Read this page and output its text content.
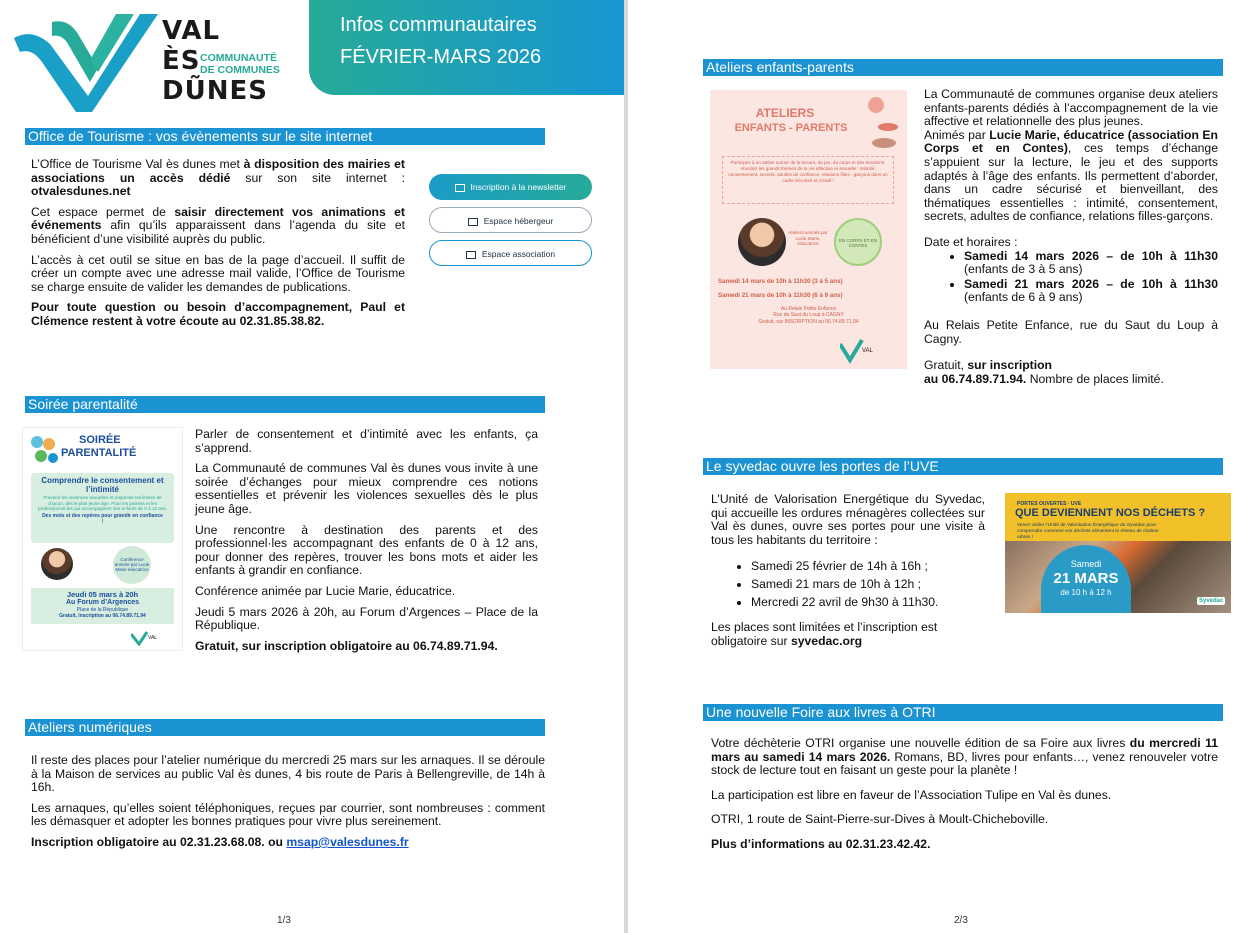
VAL
ÈS
DŨNES
COMMUNAUTÉ
DE COMMUNES
Infos communautaires
FÉVRIER-MARS 2026
Office de Tourisme : vos évènements sur le site internet

L’Office de Tourisme Val ès dunes met à disposition des mairies et associations un accès dédié sur son site internet : otvalesdunes.net

Cet espace permet de saisir directement vos animations et événements afin qu’ils apparaissent dans l’agenda du site et bénéficient d’une visibilité auprès du public.

L’accès à cet outil se situe en bas de la page d’accueil. Il suffit de créer un compte avec une adresse mail valide, l’Office de Tourisme se charge ensuite de valider les demandes de publications.

Pour toute question ou besoin d’accompagnement, Paul et Clémence restent à votre écoute au 02.31.85.38.82.

Inscription à la newsletter
Espace hébergeur
Espace association
Soirée parentalité
SOIRÉE
PARENTALITÉ
Comprendre le consentement et l’intimité
Prévenir les violences sexuelles et respecter les limites de chacun, dès le plus jeune âge. Pour les parents et les professionnel·les qui accompagnent des enfants de 0 à 12 ans.
Des mots et des repères pour grandir en confiance !
Conférence animée par Lucie Marie éducatrice
Jeudi 05 mars à 20h
Au Forum d’Argences
Place de la République
Gratuit, inscription au 06.74.89.71.94
VAL

Parler de consentement et d’intimité avec les enfants, ça s’apprend.

La Communauté de communes Val ès dunes vous invite à une soirée d’échanges pour mieux comprendre ces notions essentielles et prévenir les violences sexuelles dès le plus jeune âge.

Une rencontre à destination des parents et des professionnel·les accompagnant des enfants de 0 à 12 ans, pour donner des repères, trouver les bons mots et aider les enfants à grandir en confiance.

Conférence animée par Lucie Marie, éducatrice.

Jeudi 5 mars 2026 à 20h, au Forum d’Argences – Place de la République.

Gratuit, sur inscription obligatoire au 06.74.89.71.94.

Ateliers numériques

Il reste des places pour l’atelier numérique du mercredi 25 mars sur les arnaques. Il se déroule à la Maison de services au public Val ès dunes, 4 bis route de Paris à Bellengreville, de 14h à 16h.

Les arnaques, qu’elles soient téléphoniques, reçues par courrier, sont nombreuses : comment les démasquer et adopter les bonnes pratiques pour vivre plus sereinement.

Inscription obligatoire au 02.31.23.68.08. ou msap@valesdunes.fr

1/3
Ateliers enfants-parents
ATELIERS
ENFANTS - PARENTS
Participez à un atelier autour de la lecture, du jeu, du corps et des émotions. Abordez les grands thèmes de la vie affective et sexuelle : intimité, consentement, secrets, adultes de confiance, relations filles - garçons dans un cadre sécurisé et créatif !
Ateliers animés par Lucie Marie, éducatrice
EN CORPS ET EN CONTES
Samedi 14 mars de 10h à 11h30 (3 à 5 ans)
Samedi 21 mars de 10h à 11h30 (6 à 9 ans)
Au Relais Petite Enfance
Rue du Saut du Loup à CAGNY
Gratuit, sur INSCRIPTION au 06.74.89.71.94
VAL

La Communauté de communes organise deux ateliers enfants-parents dédiés à l’accompagnement de la vie affective et relationnelle des plus jeunes.

Animés par Lucie Marie, éducatrice (association En Corps et en Contes), ces temps d’échange s’appuient sur la lecture, le jeu et des supports adaptés à l’âge des enfants. Ils permettent d’aborder, dans un cadre sécurisé et bienveillant, des thématiques essentielles : intimité, consentement, secrets, adultes de confiance, relations filles-garçons.

Date et horaires :

• Samedi 14 mars 2026 – de 10h à 11h30 (enfants de 3 à 5 ans)
• Samedi 21 mars 2026 – de 10h à 11h30 (enfants de 6 à 9 ans)

Au Relais Petite Enfance, rue du Saut du Loup à Cagny.

Gratuit, sur inscription

au 06.74.89.71.94. Nombre de places limité.

Le syvedac ouvre les portes de l’UVE

L’Unité de Valorisation Energétique du Syvedac, qui accueille les ordures ménagères collectées sur Val ès dunes, ouvre ses portes pour une visite à tous les habitants du territoire :

• Samedi 25 février de 14h à 16h ;
• Samedi 21 mars de 10h à 12h ;
• Mercredi 22 avril de 9h30 à 11h30.

Les places sont limitées et l’inscription est obligatoire sur syvedac.org

PORTES OUVERTES · UVE
QUE DEVIENNENT NOS DÉCHETS ?
Venez visiter l’Unité de Valorisation Énergétique du Syvedac pour comprendre comment vos déchets alimentent le réseau de chaleur urbain !
Samedi
21 MARS
de 10 h à 12 h
Syvedac
Une nouvelle Foire aux livres à OTRI

Votre déchèterie OTRI organise une nouvelle édition de sa Foire aux livres du mercredi 11 mars au samedi 14 mars 2026. Romans, BD, livres pour enfants…, venez renouveler votre stock de lecture tout en faisant un geste pour la planète !

La participation est libre en faveur de l’Association Tulipe en Val ès dunes.

OTRI, 1 route de Saint-Pierre-sur-Dives à Moult-Chicheboville.

Plus d’informations au 02.31.23.42.42.

2/3
